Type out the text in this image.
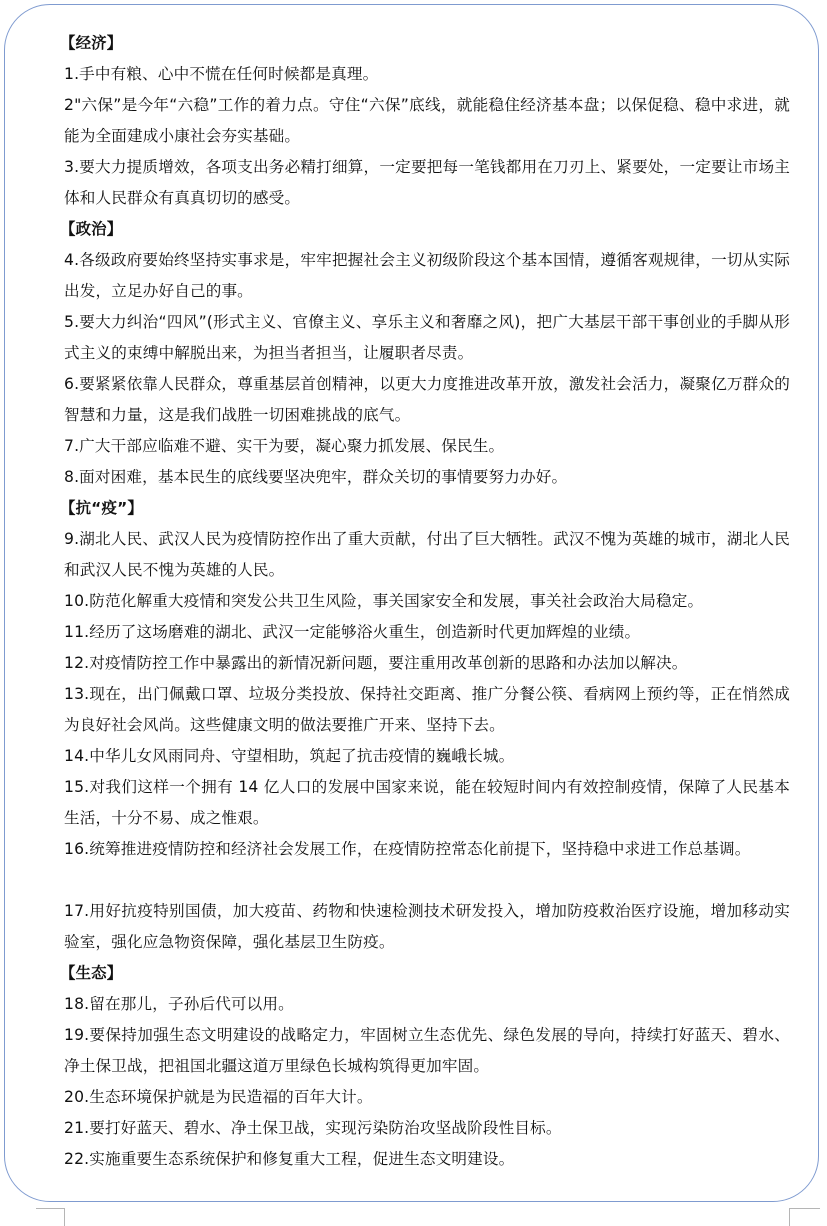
【经济】
1.手中有粮、心中不慌在任何时候都是真理。
2"六保”是今年“六稳”工作的着力点。守住“六保”底线，就能稳住经济基本盘；以保促稳、稳中求进，就能为全面建成小康社会夯实基础。
3.要大力提质增效，各项支出务必精打细算，一定要把每一笔钱都用在刀刃上、紧要处，一定要让市场主体和人民群众有真真切切的感受。
【政治】
4.各级政府要始终坚持实事求是，牢牢把握社会主义初级阶段这个基本国情，遵循客观规律，一切从实际出发，立足办好自己的事。
5.要大力纠治“四风”(形式主义、官僚主义、享乐主义和奢靡之风)，把广大基层干部干事创业的手脚从形式主义的束缚中解脱出来，为担当者担当，让履职者尽责。
6.要紧紧依靠人民群众，尊重基层首创精神，以更大力度推进改革开放，激发社会活力，凝聚亿万群众的智慧和力量，这是我们战胜一切困难挑战的底气。
7.广大干部应临难不避、实干为要，凝心聚力抓发展、保民生。
8.面对困难，基本民生的底线要坚决兜牢，群众关切的事情要努力办好。
【抗“疫”】
9.湖北人民、武汉人民为疫情防控作出了重大贡献，付出了巨大牺牲。武汉不愧为英雄的城市，湖北人民和武汉人民不愧为英雄的人民。
10.防范化解重大疫情和突发公共卫生风险，事关国家安全和发展，事关社会政治大局稳定。
11.经历了这场磨难的湖北、武汉一定能够浴火重生，创造新时代更加辉煌的业绩。
12.对疫情防控工作中暴露出的新情况新问题，要注重用改革创新的思路和办法加以解决。
13.现在，出门佩戴口罩、垃圾分类投放、保持社交距离、推广分餐公筷、看病网上预约等，正在悄然成为良好社会风尚。这些健康文明的做法要推广开来、坚持下去。
14.中华儿女风雨同舟、守望相助，筑起了抗击疫情的巍峨长城。
15.对我们这样一个拥有 14 亿人口的发展中国家来说，能在较短时间内有效控制疫情，保障了人民基本生活，十分不易、成之惟艰。
16.统筹推进疫情防控和经济社会发展工作，在疫情防控常态化前提下，坚持稳中求进工作总基调。
17.用好抗疫特别国债，加大疫苗、药物和快速检测技术研发投入，增加防疫救治医疗设施，增加移动实验室，强化应急物资保障，强化基层卫生防疫。
【生态】
18.留在那儿，子孙后代可以用。
19.要保持加强生态文明建设的战略定力，牢固树立生态优先、绿色发展的导向，持续打好蓝天、碧水、净土保卫战，把祖国北疆这道万里绿色长城构筑得更加牢固。
20.生态环境保护就是为民造福的百年大计。
21.要打好蓝天、碧水、净土保卫战，实现污染防治攻坚战阶段性目标。
22.实施重要生态系统保护和修复重大工程，促进生态文明建设。
